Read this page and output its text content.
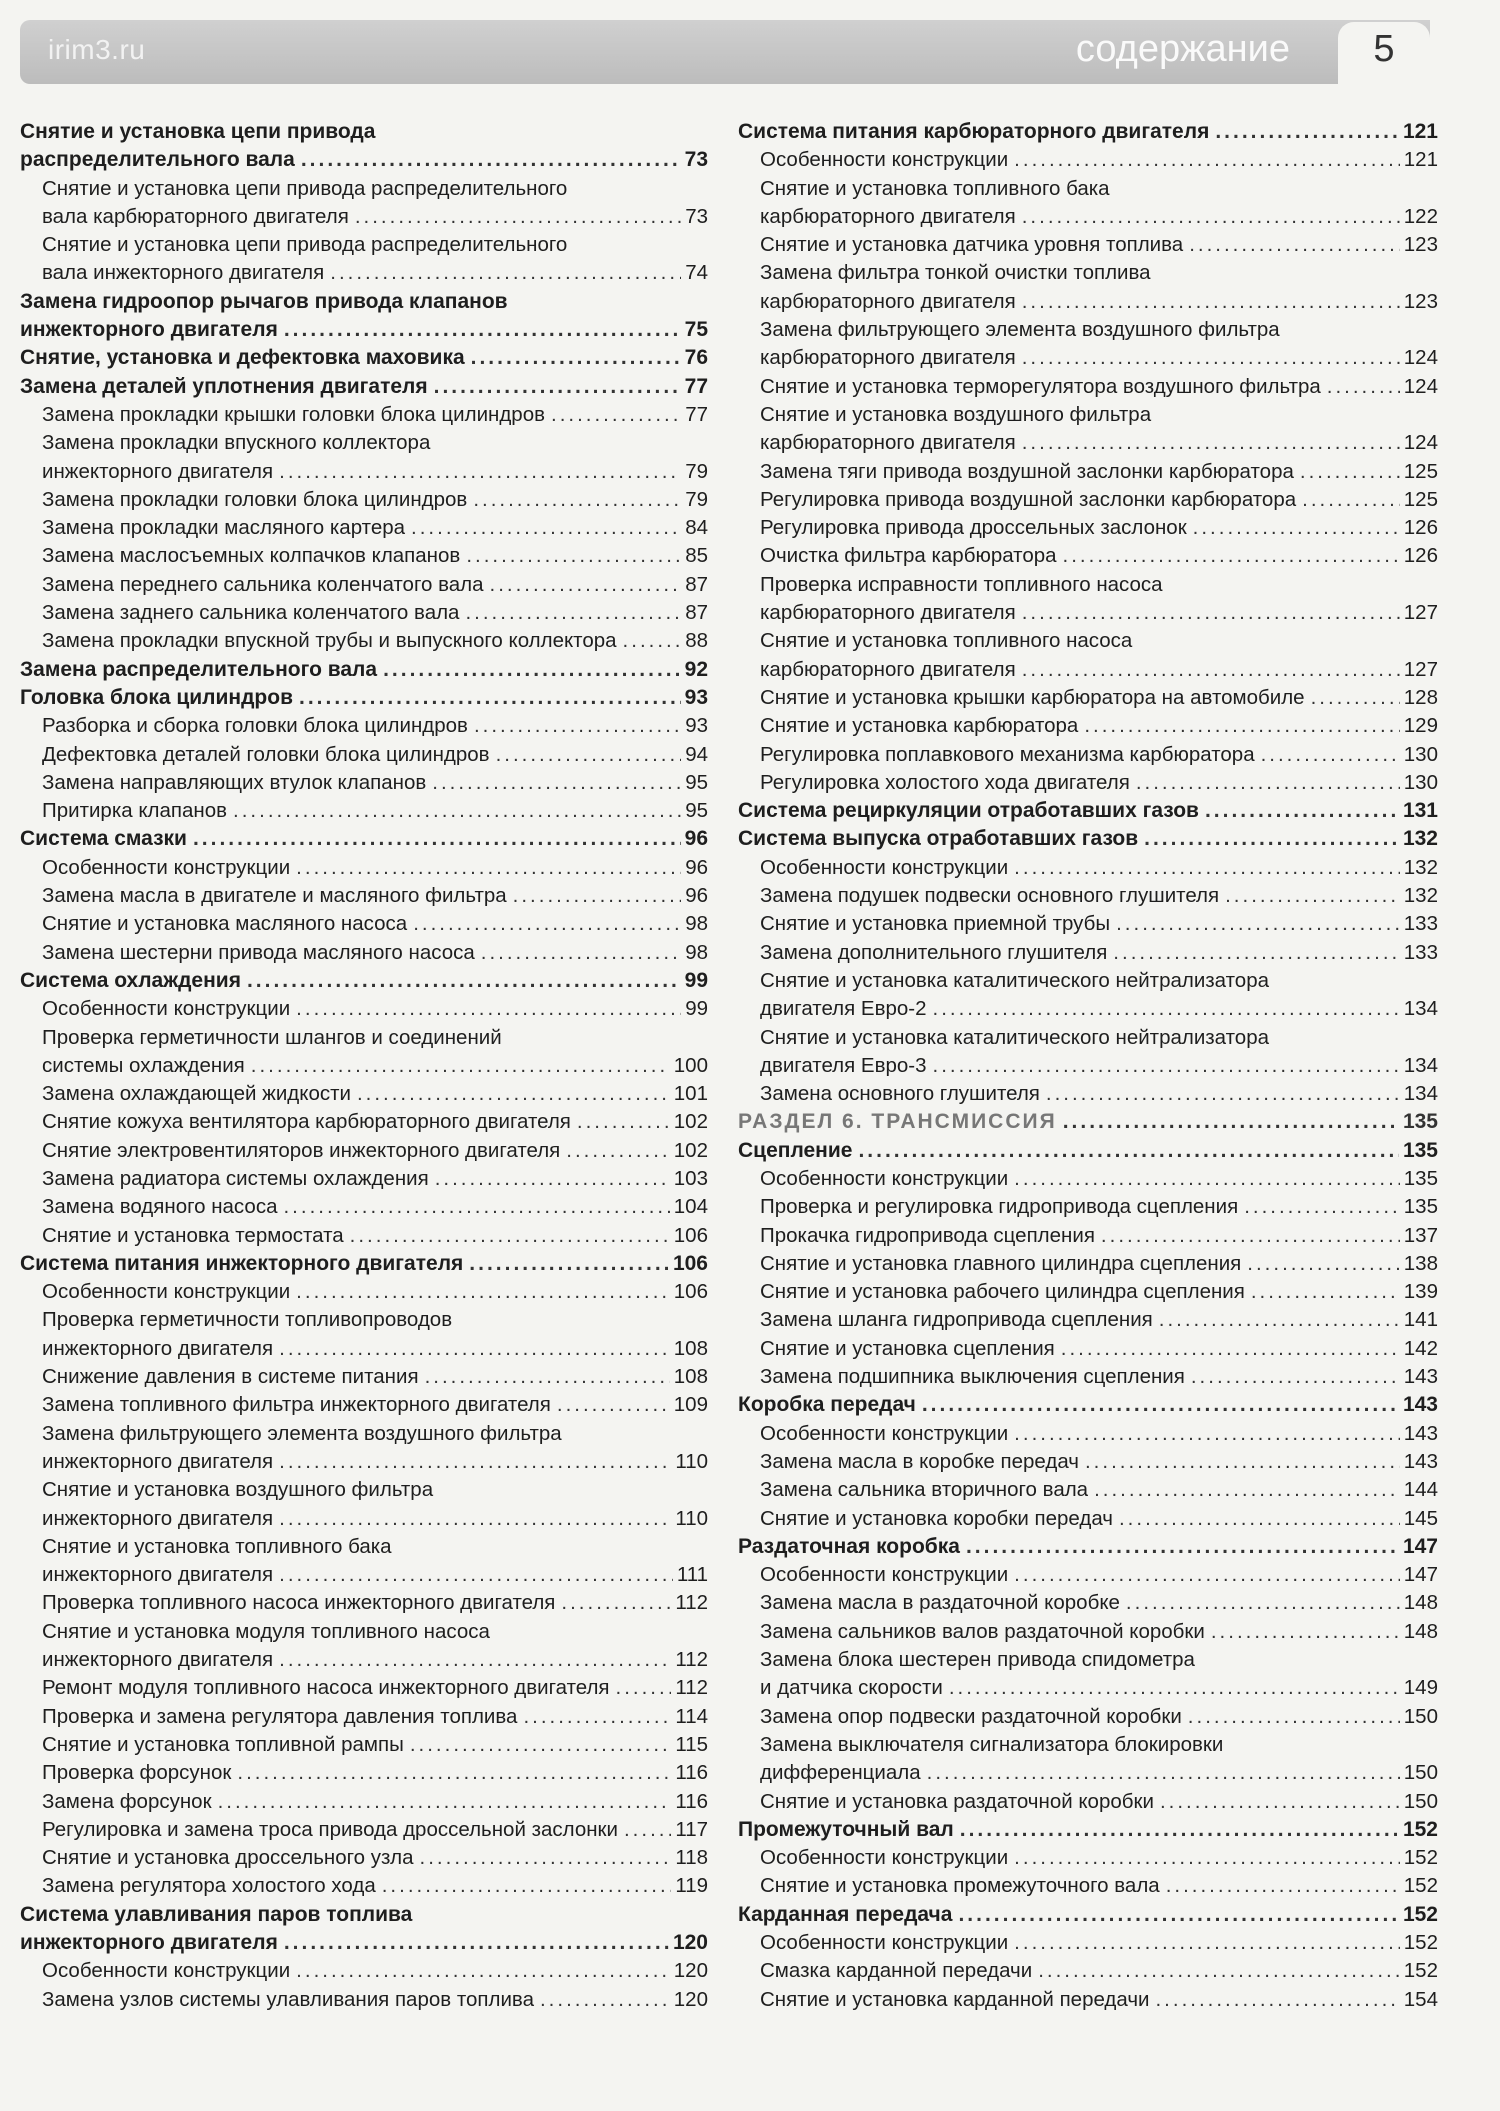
irim3.ru	содержание	5
Снятие и установка цепи привода
распределительного вала .....	73
Снятие и установка цепи привода распределительного
вала карбюраторного двигателя .....	73
Снятие и установка цепи привода распределительного
вала инжекторного двигателя .....	74
Замена гидроопор рычагов привода клапанов
инжекторного двигателя .....	75
Снятие, установка и дефектовка маховика .....	76
Замена деталей уплотнения двигателя .....	77
Замена прокладки крышки головки блока цилиндров .....	77
Замена прокладки впускного коллектора
инжекторного двигателя .....	79
Замена прокладки головки блока цилиндров .....	79
Замена прокладки масляного картера .....	84
Замена маслосъемных колпачков клапанов .....	85
Замена переднего сальника коленчатого вала .....	87
Замена заднего сальника коленчатого вала .....	87
Замена прокладки впускной трубы и выпускного коллектора .....	88
Замена распределительного вала .....	92
Головка блока цилиндров .....	93
Разборка и сборка головки блока цилиндров .....	93
Дефектовка деталей головки блока цилиндров .....	94
Замена направляющих втулок клапанов .....	95
Притирка клапанов .....	95
Система смазки .....	96
Особенности конструкции .....	96
Замена масла в двигателе и масляного фильтра .....	96
Снятие и установка масляного насоса .....	98
Замена шестерни привода масляного насоса .....	98
Система охлаждения .....	99
Особенности конструкции .....	99
Проверка герметичности шлангов и соединений
системы охлаждения .....	100
Замена охлаждающей жидкости .....	101
Снятие кожуха вентилятора карбюраторного двигателя .....	102
Снятие электровентиляторов инжекторного двигателя .....	102
Замена радиатора системы охлаждения .....	103
Замена водяного насоса .....	104
Снятие и установка термостата .....	106
Система питания инжекторного двигателя .....	106
Особенности конструкции .....	106
Проверка герметичности топливопроводов
инжекторного двигателя .....	108
Снижение давления в системе питания .....	108
Замена топливного фильтра инжекторного двигателя .....	109
Замена фильтрующего элемента воздушного фильтра
инжекторного двигателя .....	110
Снятие и установка воздушного фильтра
инжекторного двигателя .....	110
Снятие и установка топливного бака
инжекторного двигателя .....	111
Проверка топливного насоса инжекторного двигателя .....	112
Снятие и установка модуля топливного насоса
инжекторного двигателя .....	112
Ремонт модуля топливного насоса инжекторного двигателя .....	112
Проверка и замена регулятора давления топлива .....	114
Снятие и установка топливной рампы .....	115
Проверка форсунок .....	116
Замена форсунок .....	116
Регулировка и замена троса привода дроссельной заслонки .....	117
Снятие и установка дроссельного узла .....	118
Замена регулятора холостого хода .....	119
Система улавливания паров топлива
инжекторного двигателя .....	120
Особенности конструкции .....	120
Замена узлов системы улавливания паров топлива .....	120
Система питания карбюраторного двигателя .....	121
Особенности конструкции .....	121
Снятие и установка топливного бака
карбюраторного двигателя .....	122
Снятие и установка датчика уровня топлива .....	123
Замена фильтра тонкой очистки топлива
карбюраторного двигателя .....	123
Замена фильтрующего элемента воздушного фильтра
карбюраторного двигателя .....	124
Снятие и установка терморегулятора воздушного фильтра .....	124
Снятие и установка воздушного фильтра
карбюраторного двигателя .....	124
Замена тяги привода воздушной заслонки карбюратора .....	125
Регулировка привода воздушной заслонки карбюратора .....	125
Регулировка привода дроссельных заслонок .....	126
Очистка фильтра карбюратора .....	126
Проверка исправности топливного насоса
карбюраторного двигателя .....	127
Снятие и установка топливного насоса
карбюраторного двигателя .....	127
Снятие и установка крышки карбюратора на автомобиле .....	128
Снятие и установка карбюратора .....	129
Регулировка поплавкового механизма карбюратора .....	130
Регулировка холостого хода двигателя .....	130
Система рециркуляции отработавших газов .....	131
Система выпуска отработавших газов .....	132
Особенности конструкции .....	132
Замена подушек подвески основного глушителя .....	132
Снятие и установка приемной трубы .....	133
Замена дополнительного глушителя .....	133
Снятие и установка каталитического нейтрализатора
двигателя Евро-2 .....	134
Снятие и установка каталитического нейтрализатора
двигателя Евро-3 .....	134
Замена основного глушителя .....	134
РАЗДЕЛ 6. ТРАНСМИССИЯ .....	135
Сцепление .....	135
Особенности конструкции .....	135
Проверка и регулировка гидропривода сцепления .....	135
Прокачка гидропривода сцепления .....	137
Снятие и установка главного цилиндра сцепления .....	138
Снятие и установка рабочего цилиндра сцепления .....	139
Замена шланга гидропривода сцепления .....	141
Снятие и установка сцепления .....	142
Замена подшипника выключения сцепления .....	143
Коробка передач .....	143
Особенности конструкции .....	143
Замена масла в коробке передач .....	143
Замена сальника вторичного вала .....	144
Снятие и установка коробки передач .....	145
Раздаточная коробка .....	147
Особенности конструкции .....	147
Замена масла в раздаточной коробке .....	148
Замена сальников валов раздаточной коробки .....	148
Замена блока шестерен привода спидометра
и датчика скорости .....	149
Замена опор подвески раздаточной коробки .....	150
Замена выключателя сигнализатора блокировки
дифференциала .....	150
Снятие и установка раздаточной коробки .....	150
Промежуточный вал .....	152
Особенности конструкции .....	152
Снятие и установка промежуточного вала .....	152
Карданная передача .....	152
Особенности конструкции .....	152
Смазка карданной передачи .....	152
Снятие и установка карданной передачи .....	154
